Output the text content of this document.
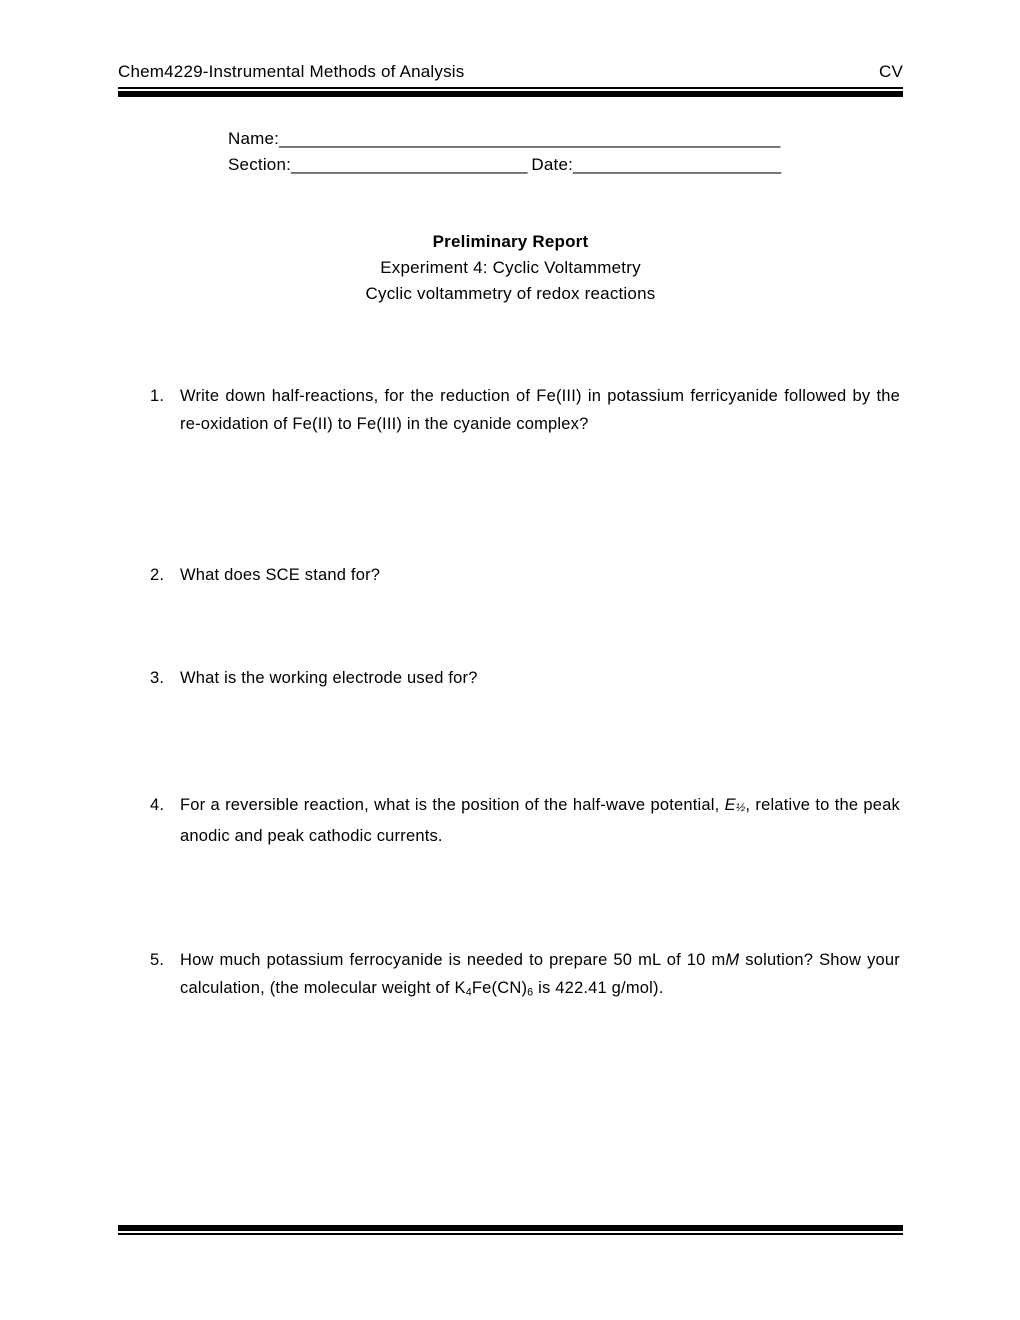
Chem4229-Instrumental Methods of Analysis	CV
Name:_____________________________________________________
Section:_________________________ Date:______________________
Preliminary Report
Experiment 4: Cyclic Voltammetry
Cyclic voltammetry of redox reactions
1. Write down half-reactions, for the reduction of Fe(III) in potassium ferricyanide followed by the re-oxidation of Fe(II) to Fe(III) in the cyanide complex?
2. What does SCE stand for?
3. What is the working electrode used for?
4. For a reversible reaction, what is the position of the half-wave potential, E½, relative to the peak anodic and peak cathodic currents.
5. How much potassium ferrocyanide is needed to prepare 50 mL of 10 mM solution? Show your calculation, (the molecular weight of $K_4Fe(CN)_6$ is 422.41 g/mol).
